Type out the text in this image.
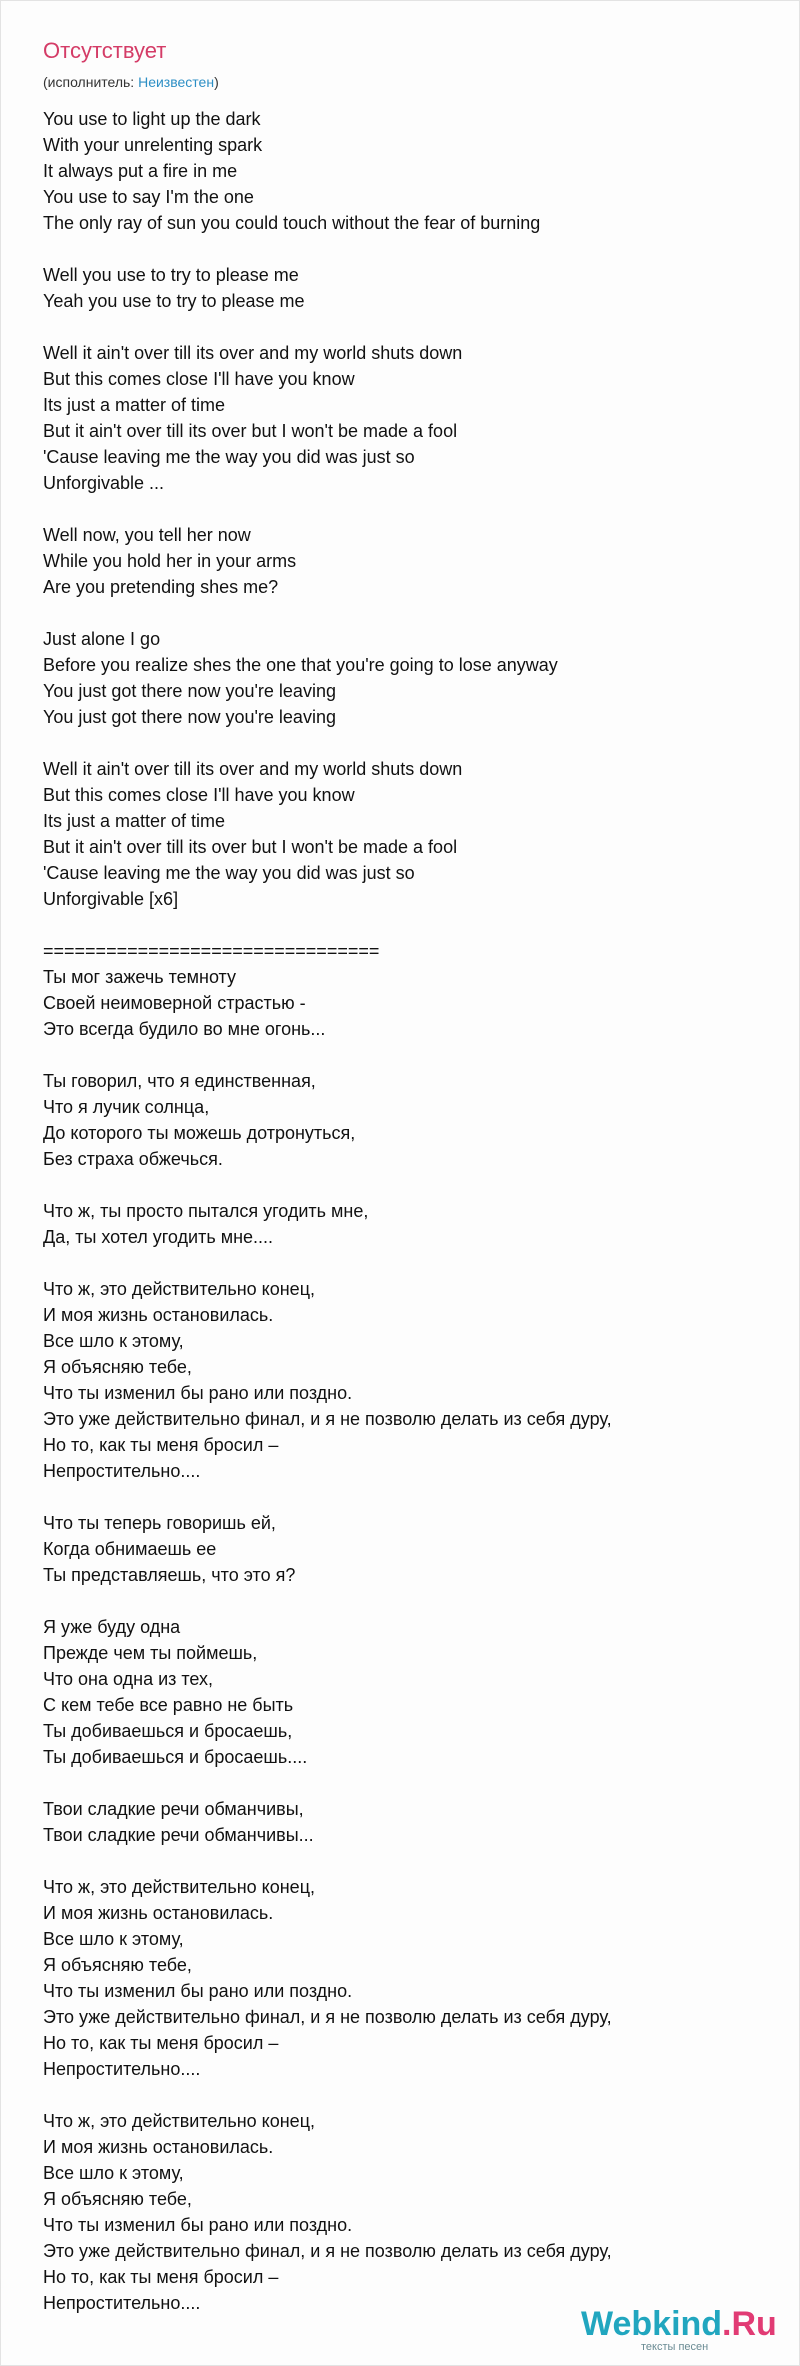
Отсутствует
(исполнитель: Неизвестен)
You use to light up the dark
With your unrelenting spark
It always put a fire in me
You use to say I'm the one
The only ray of sun you could touch without the fear of burning
Well you use to try to please me
Yeah you use to try to please me
Well it ain't over till its over and my world shuts down
But this comes close I'll have you know
Its just a matter of time
But it ain't over till its over but I won't be made a fool
'Cause leaving me the way you did was just so
Unforgivable ...
Well now, you tell her now
While you hold her in your arms
Are you pretending shes me?
Just alone I go
Before you realize shes the one that you're going to lose anyway
You just got there now you're leaving
You just got there now you're leaving
Well it ain't over till its over and my world shuts down
But this comes close I'll have you know
Its just a matter of time
But it ain't over till its over but I won't be made a fool
'Cause leaving me the way you did was just so
Unforgivable [x6]
================================
Ты мог зажечь темноту
Своей неимоверной страстью -
Это всегда будило во мне огонь...
Ты говорил, что я единственная,
Что я лучик солнца,
До которого ты можешь дотронуться,
Без страха обжечься.
Что ж, ты просто пытался угодить мне,
Да, ты хотел угодить мне....
Что ж, это действительно конец,
И моя жизнь остановилась.
Все шло к этому,
Я объясняю тебе,
Что ты изменил бы рано или поздно.
Это уже действительно финал, и я не позволю делать из себя дуру,
Но то, как ты меня бросил –
Непростительно....
Что ты теперь говоришь ей,
Когда обнимаешь ее
Ты представляешь, что это я?
Я уже буду одна
Прежде чем ты поймешь,
Что она одна из тех,
С кем тебе все равно не быть
Ты добиваешься и бросаешь,
Ты добиваешься и бросаешь....
Твои сладкие речи обманчивы,
Твои сладкие речи обманчивы...
Что ж, это действительно конец,
И моя жизнь остановилась.
Все шло к этому,
Я объясняю тебе,
Что ты изменил бы рано или поздно.
Это уже действительно финал, и я не позволю делать из себя дуру,
Но то, как ты меня бросил –
Непростительно....
Что ж, это действительно конец,
И моя жизнь остановилась.
Все шло к этому,
Я объясняю тебе,
Что ты изменил бы рано или поздно.
Это уже действительно финал, и я не позволю делать из себя дуру,
Но то, как ты меня бросил –
Непростительно....
Webkind.Ru
тексты песен
